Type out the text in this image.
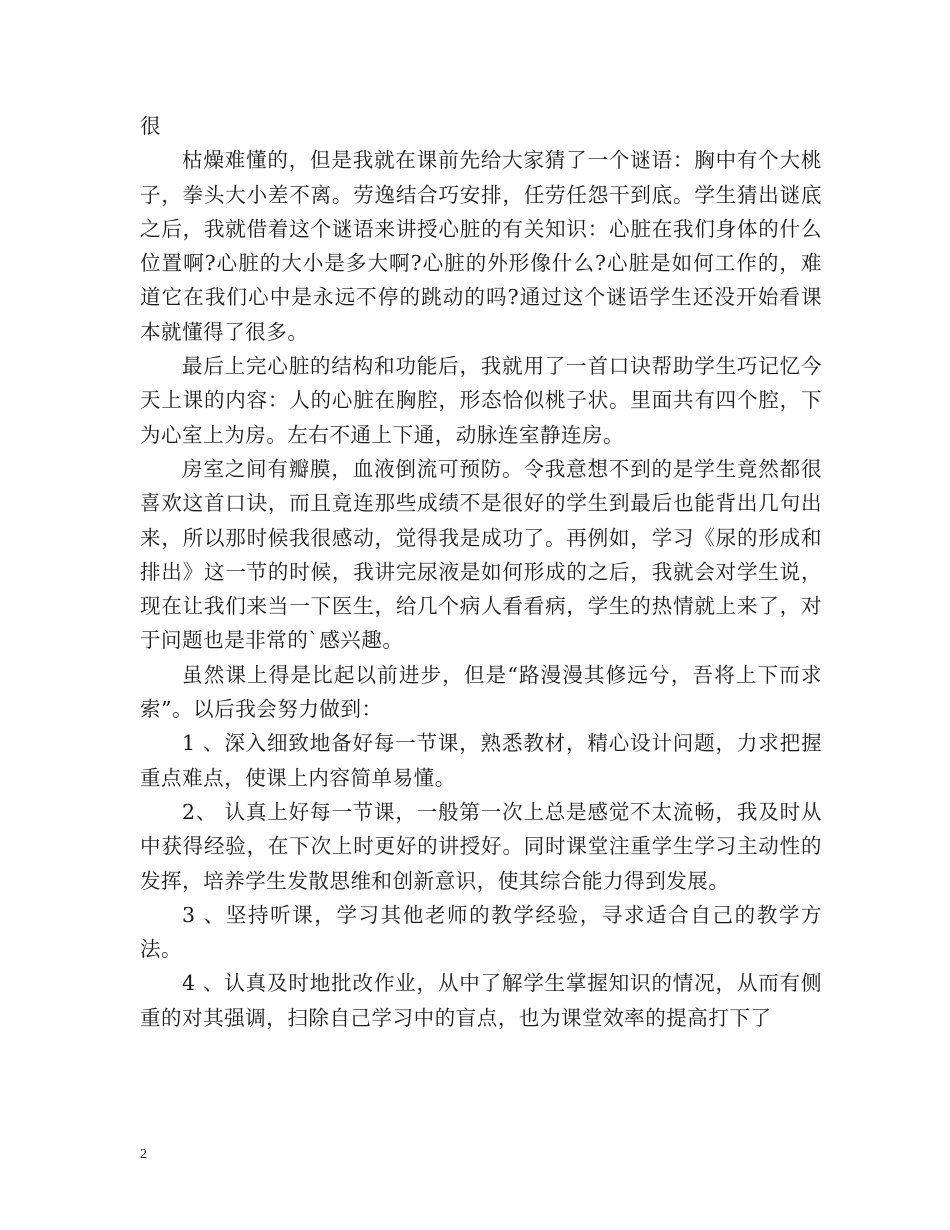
很

枯燥难懂的，但是我就在课前先给大家猜了一个谜语：胸中有个大桃子，拳头大小差不离。劳逸结合巧安排，任劳任怨干到底。学生猜出谜底之后，我就借着这个谜语来讲授心脏的有关知识：心脏在我们身体的什么位置啊?心脏的大小是多大啊?心脏的外形像什么?心脏是如何工作的，难道它在我们心中是永远不停的跳动的吗?通过这个谜语学生还没开始看课本就懂得了很多。

最后上完心脏的结构和功能后，我就用了一首口诀帮助学生巧记忆今天上课的内容：人的心脏在胸腔，形态恰似桃子状。里面共有四个腔，下为心室上为房。左右不通上下通，动脉连室静连房。

房室之间有瓣膜，血液倒流可预防。令我意想不到的是学生竟然都很喜欢这首口诀，而且竟连那些成绩不是很好的学生到最后也能背出几句出来，所以那时候我很感动，觉得我是成功了。再例如，学习《尿的形成和排出》这一节的时候，我讲完尿液是如何形成的之后，我就会对学生说，现在让我们来当一下医生，给几个病人看看病，学生的热情就上来了，对于问题也是非常的`感兴趣。

虽然课上得是比起以前进步，但是“路漫漫其修远兮，吾将上下而求索”。以后我会努力做到：

1 、深入细致地备好每一节课，熟悉教材，精心设计问题，力求把握重点难点，使课上内容简单易懂。

2、 认真上好每一节课，一般第一次上总是感觉不太流畅，我及时从中获得经验，在下次上时更好的讲授好。同时课堂注重学生学习主动性的发挥，培养学生发散思维和创新意识，使其综合能力得到发展。

3 、坚持听课，学习其他老师的教学经验，寻求适合自己的教学方法。

4 、认真及时地批改作业，从中了解学生掌握知识的情况，从而有侧重的对其强调，扫除自己学习中的盲点，也为课堂效率的提高打下了

2
